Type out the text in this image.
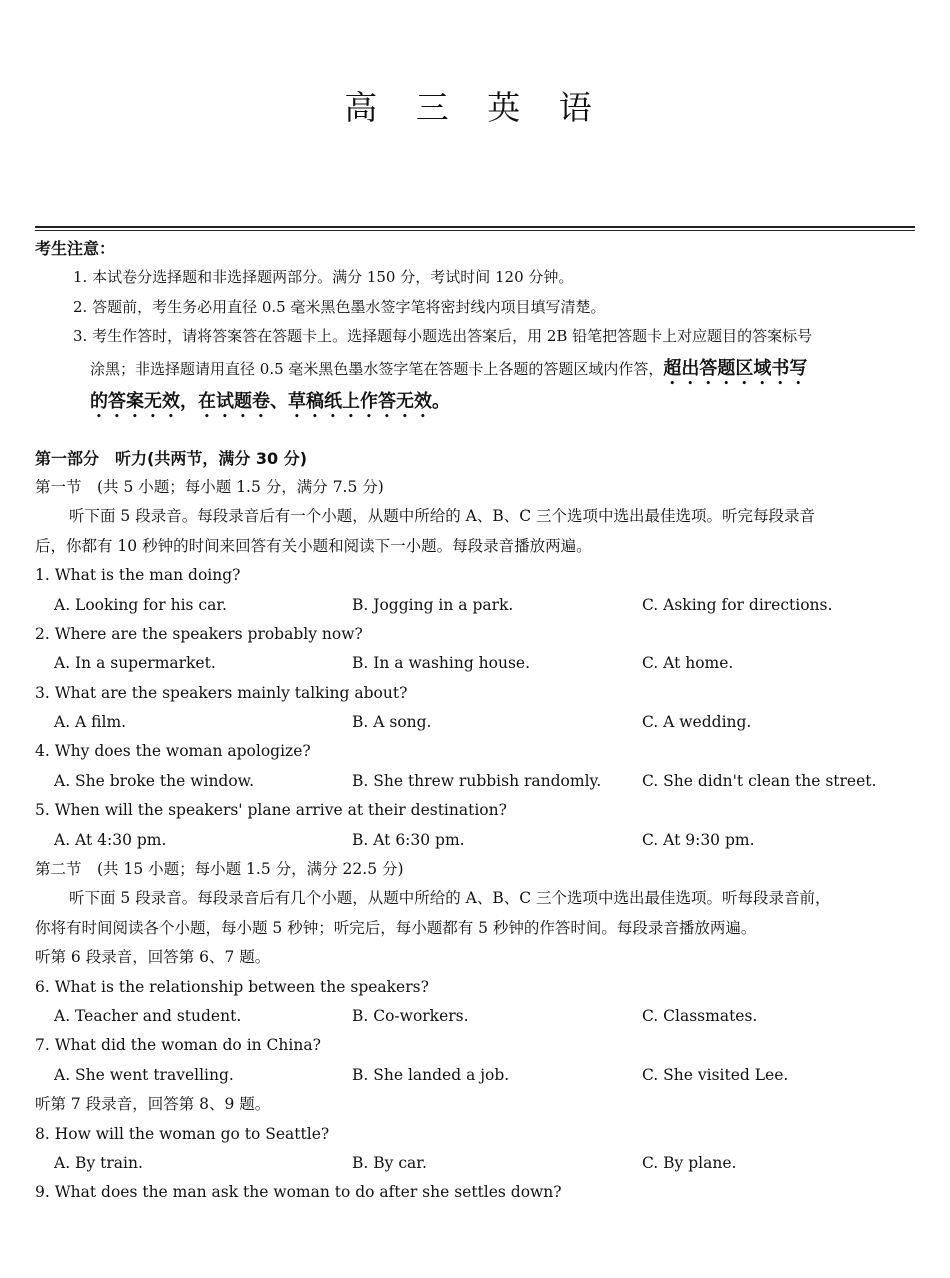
高 三 英 语
考生注意：
1. 本试卷分选择题和非选择题两部分。满分 150 分，考试时间 120 分钟。
2. 答题前，考生务必用直径 0.5 毫米黑色墨水签字笔将密封线内项目填写清楚。
3. 考生作答时，请将答案答在答题卡上。选择题每小题选出答案后，用 2B 铅笔把答题卡上对应题目的答案标号
涂黑；非选择题请用直径 0.5 毫米黑色墨水签字笔在答题卡上各题的答题区域内作答，超出答题区域书写
的答案无效，在试题卷、草稿纸上作答无效。
第一部分　听力(共两节，满分 30 分)
第一节　(共 5 小题；每小题 1.5 分，满分 7.5 分)
听下面 5 段录音。每段录音后有一个小题，从题中所给的 A、B、C 三个选项中选出最佳选项。听完每段录音
后，你都有 10 秒钟的时间来回答有关小题和阅读下一小题。每段录音播放两遍。
1. What is the man doing?
A. Looking for his car.	B. Jogging in a park.	C. Asking for directions.
2. Where are the speakers probably now?
A. In a supermarket.	B. In a washing house.	C. At home.
3. What are the speakers mainly talking about?
A. A film.	B. A song.	C. A wedding.
4. Why does the woman apologize?
A. She broke the window.	B. She threw rubbish randomly.	C. She didn't clean the street.
5. When will the speakers' plane arrive at their destination?
A. At 4:30 pm.	B. At 6:30 pm.	C. At 9:30 pm.
第二节　(共 15 小题；每小题 1.5 分，满分 22.5 分)
听下面 5 段录音。每段录音后有几个小题，从题中所给的 A、B、C 三个选项中选出最佳选项。听每段录音前，
你将有时间阅读各个小题，每小题 5 秒钟；听完后，每小题都有 5 秒钟的作答时间。每段录音播放两遍。
听第 6 段录音，回答第 6、7 题。
6. What is the relationship between the speakers?
A. Teacher and student.	B. Co-workers.	C. Classmates.
7. What did the woman do in China?
A. She went travelling.	B. She landed a job.	C. She visited Lee.
听第 7 段录音，回答第 8、9 题。
8. How will the woman go to Seattle?
A. By train.	B. By car.	C. By plane.
9. What does the man ask the woman to do after she settles down?
